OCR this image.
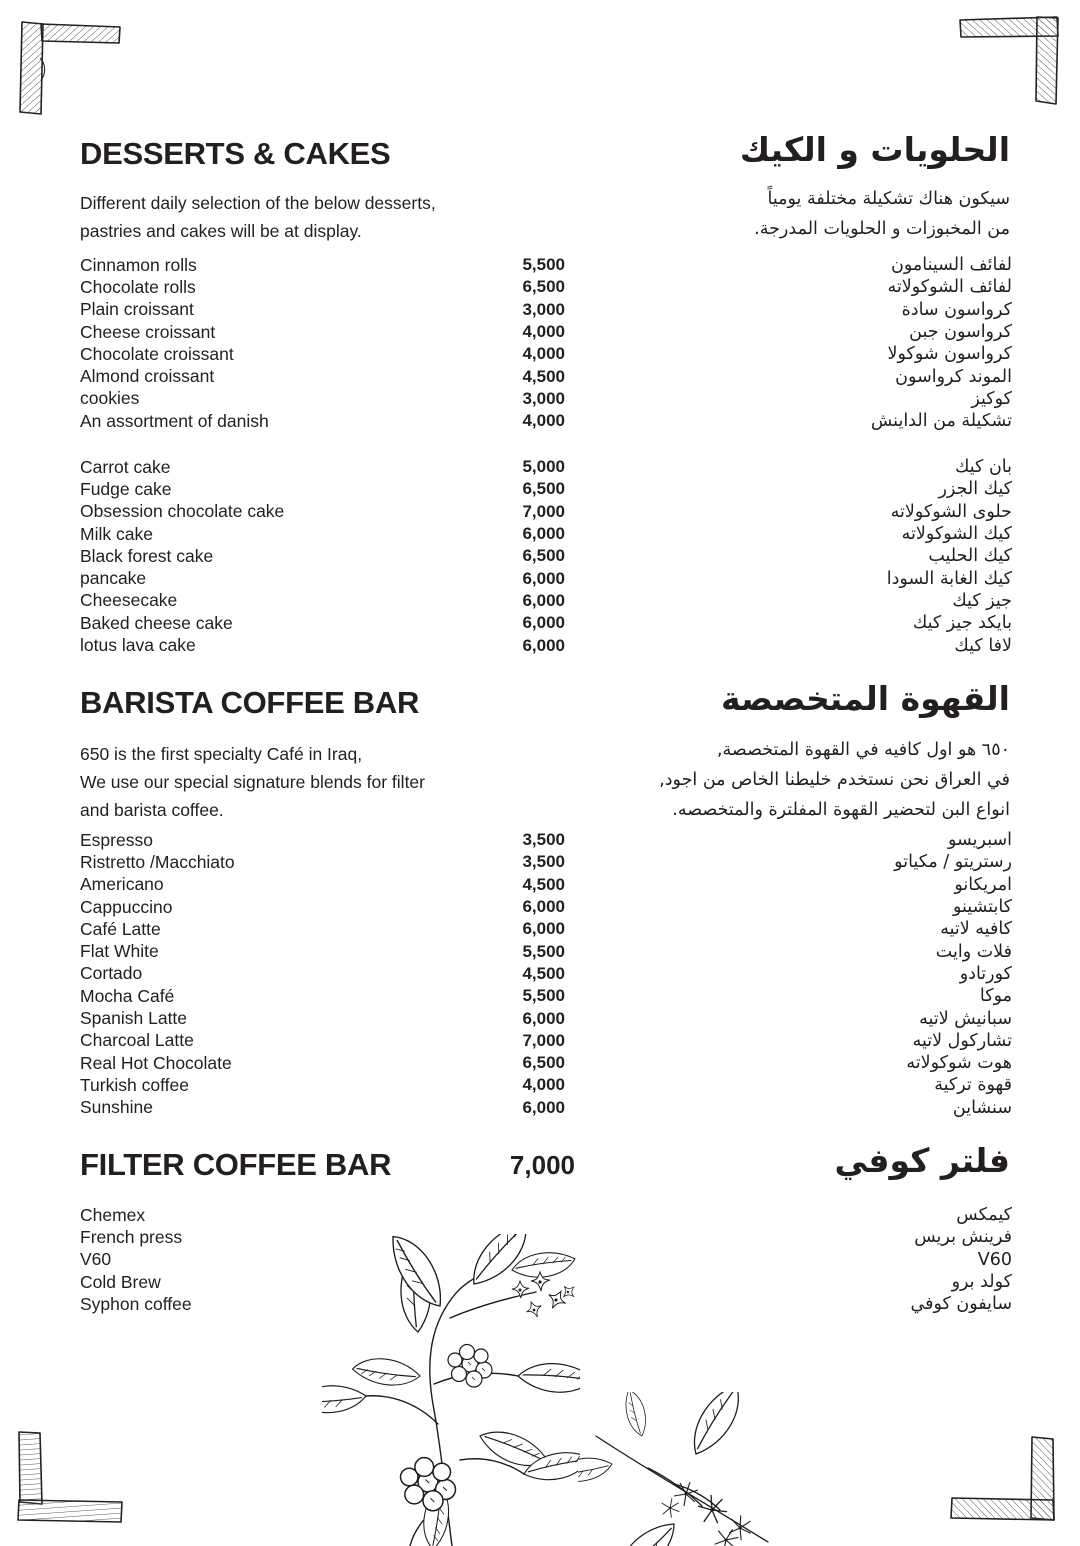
DESSERTS & CAKES	الحلويات و الكيك
Different daily selection of the below desserts,
pastries and cakes will be at display.
سيكون هناك تشكيلة مختلفة يومياً
من المخبوزات و الحلويات المدرجة.
Cinnamon rolls	5,500	لفائف السينامون
Chocolate rolls	6,500	لفائف الشوكولاته
Plain croissant	3,000	كرواسون سادة
Cheese croissant	4,000	كرواسون جبن
Chocolate croissant	4,000	كرواسون شوكولا
Almond croissant	4,500	الموند كرواسون
cookies	3,000	كوكيز
An assortment of danish	4,000	تشكيلة من الداينش
Carrot cake	5,000	بان كيك
Fudge cake	6,500	كيك الجزر
Obsession chocolate cake	7,000	حلوى الشوكولاته
Milk cake	6,000	كيك الشوكولاته
Black forest cake	6,500	كيك الحليب
pancake	6,000	كيك الغابة السودا
Cheesecake	6,000	جيز كيك
Baked cheese cake	6,000	بايكد جيز كيك
lotus lava cake	6,000	لافا كيك
BARISTA COFFEE BAR	القهوة المتخصصة
650 is the first specialty Café in Iraq,
We use our special signature blends for filter
and barista coffee.
٦٥٠ هو اول كافيه في القهوة المتخصصة,
في العراق نحن نستخدم خليطنا الخاص من اجود,
انواع البن لتحضير القهوة المفلترة والمتخصصه.
Espresso	3,500	اسبريسو
Ristretto /Macchiato	3,500	رستريتو / مكياتو
Americano	4,500	امريكانو
Cappuccino	6,000	كابتشينو
Café Latte	6,000	كافيه لاتيه
Flat White	5,500	فلات وايت
Cortado	4,500	كورتادو
Mocha Café	5,500	موكا
Spanish Latte	6,000	سبانيش لاتيه
Charcoal Latte	7,000	تشاركول لاتيه
Real Hot Chocolate	6,500	هوت شوكولاته
Turkish coffee	4,000	قهوة تركية
Sunshine	6,000	سنشاين
FILTER COFFEE BAR	7,000	فلتر كوفي
Chemex	كيمكس
French press	فرينش بريس
V60	V60
Cold Brew	كولد برو
Syphon coffee	سايفون كوفي
